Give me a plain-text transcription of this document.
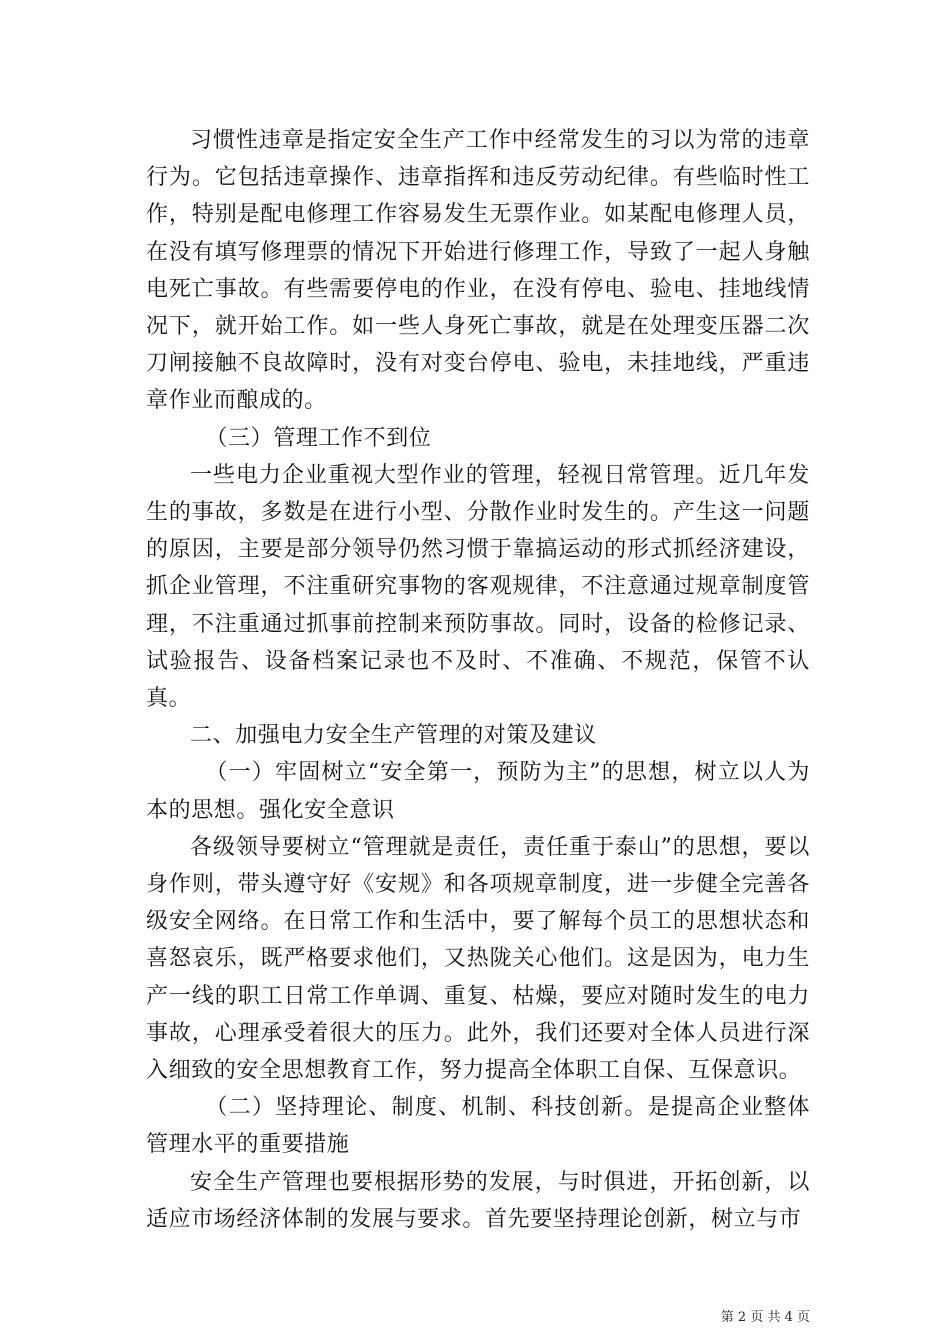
习惯性违章是指定安全生产工作中经常发生的习以为常的违章行为。它包括违章操作、违章指挥和违反劳动纪律。有些临时性工作，特别是配电修理工作容易发生无票作业。如某配电修理人员，在没有填写修理票的情况下开始进行修理工作，导致了一起人身触电死亡事故。有些需要停电的作业，在没有停电、验电、挂地线情况下，就开始工作。如一些人身死亡事故，就是在处理变压器二次刀闸接触不良故障时，没有对变台停电、验电，未挂地线，严重违章作业而酿成的。

（三）管理工作不到位

一些电力企业重视大型作业的管理，轻视日常管理。近几年发生的事故，多数是在进行小型、分散作业时发生的。产生这一问题的原因，主要是部分领导仍然习惯于靠搞运动的形式抓经济建设，抓企业管理，不注重研究事物的客观规律，不注意通过规章制度管理，不注重通过抓事前控制来预防事故。同时，设备的检修记录、试验报告、设备档案记录也不及时、不准确、不规范，保管不认真。

二、加强电力安全生产管理的对策及建议

（一）牢固树立“安全第一，预防为主”的思想，树立以人为本的思想。强化安全意识

各级领导要树立“管理就是责任，责任重于泰山”的思想，要以身作则，带头遵守好《安规》和各项规章制度，进一步健全完善各级安全网络。在日常工作和生活中，要了解每个员工的思想状态和喜怒哀乐，既严格要求他们，又热陇关心他们。这是因为，电力生产一线的职工日常工作单调、重复、枯燥，要应对随时发生的电力事故，心理承受着很大的压力。此外，我们还要对全体人员进行深入细致的安全思想教育工作，努力提高全体职工自保、互保意识。

（二）坚持理论、制度、机制、科技创新。是提高企业整体管理水平的重要措施

安全生产管理也要根据形势的发展，与时俱进，开拓创新，以适应市场经济体制的发展与要求。首先要坚持理论创新，树立与市

第 2 页 共 4 页
